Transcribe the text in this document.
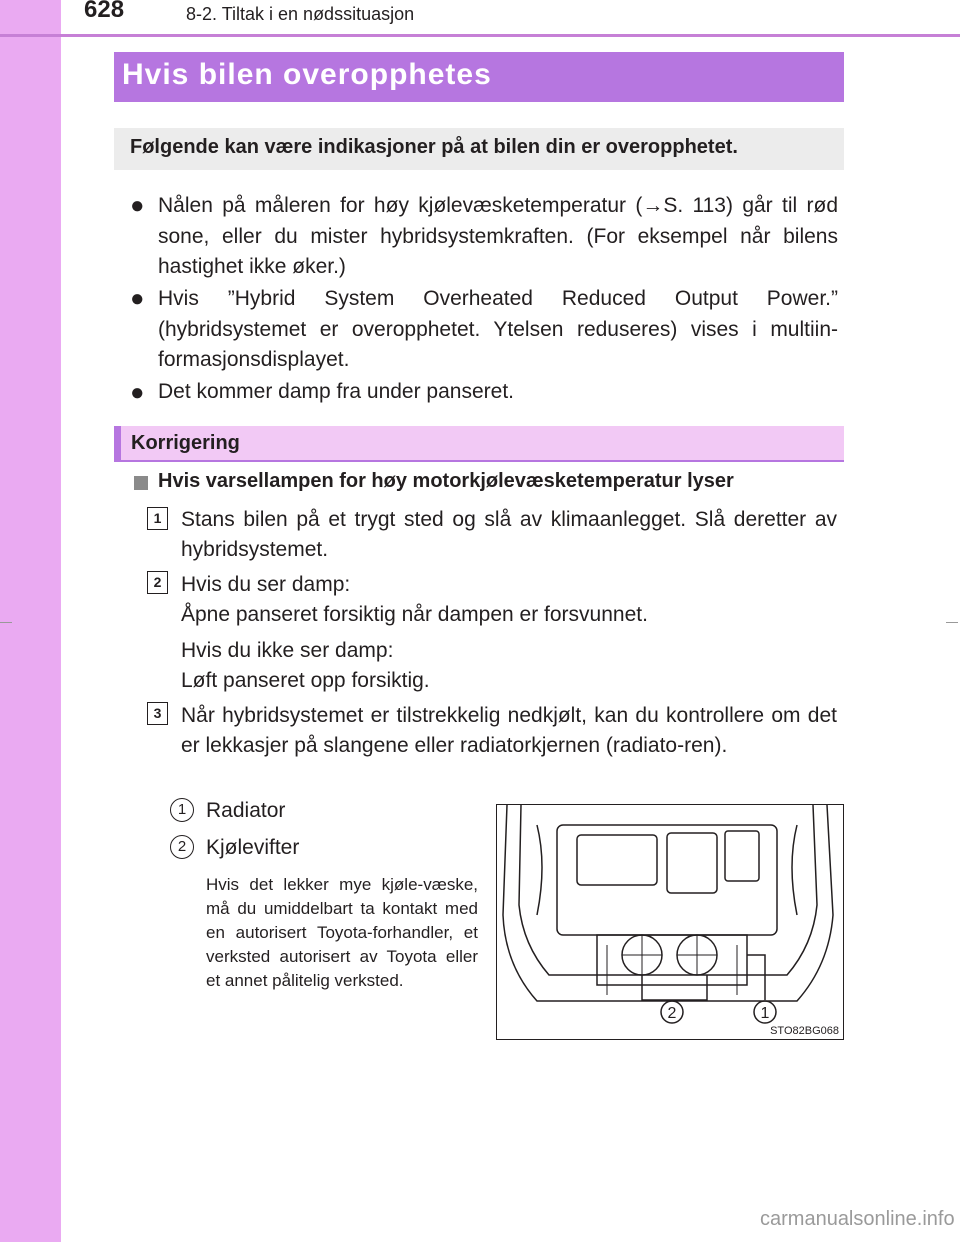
628	8-2. Tiltak i en nødssituasjon
Hvis bilen overopphetes
Følgende kan være indikasjoner på at bilen din er overopphetet.
● Nålen på måleren for høy kjølevæsketemperatur (→S. 113) går til rød sone, eller du mister hybridsystemkraften. (For eksempel når bilens hastighet ikke øker.)
● Hvis ”Hybrid System Overheated Reduced Output Power.” (hybridsystemet er overopphetet. Ytelsen reduseres) vises i multiin-formasjonsdisplayet.
● Det kommer damp fra under panseret.
Korrigering
Hvis varsellampen for høy motorkjølevæsketemperatur lyser
1 Stans bilen på et trygt sted og slå av klimaanlegget. Slå deretter av hybridsystemet.
2 Hvis du ser damp:
Åpne panseret forsiktig når dampen er forsvunnet.
Hvis du ikke ser damp:
Løft panseret opp forsiktig.
3 Når hybridsystemet er tilstrekkelig nedkjølt, kan du kontrollere om det er lekkasjer på slangene eller radiatorkjernen (radiato-ren).
1 Radiator
2 Kjølevifter
Hvis det lekker mye kjøle-væske, må du umiddelbart ta kontakt med en autorisert Toyota-forhandler, et verksted autorisert av Toyota eller et annet pålitelig verksted.
2	1
STO82BG068
carmanualsonline.info
